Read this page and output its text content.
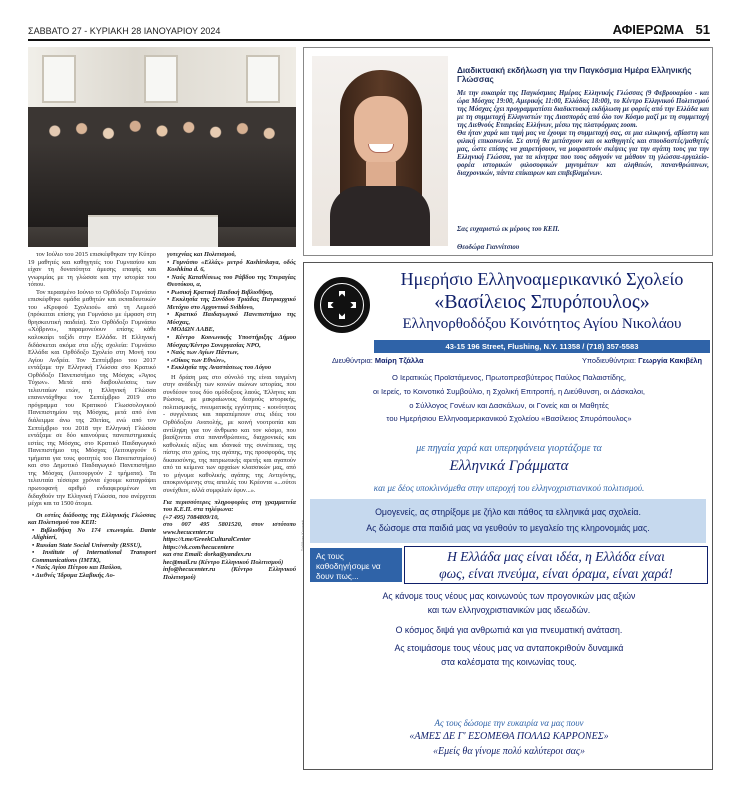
ΣΑΒΒΑΤΟ 27 - ΚΥΡΙΑΚΗ 28 ΙΑΝΟΥΑΡΙΟΥ 2024	ΑΦΙΕΡΩΜΑ 51

τον Ιούλιο του 2015 επισκέφθηκαν την Κύπρο 19 μαθητές και καθηγητές του Γυμνασίου και είχαν τη δυνατότητα άμεσης επαφής και γνωριμίας με τη γλώσσα και την ιστορία του τόπου.

Τον περασμένο Ιούνιο το Ορθόδοξο Γυμνάσιο επισκέφθηκε ομάδα μαθητών και εκπαιδευτικών του «Κρυφού Σχολειού» από τη Λεμεσό (πρόκειται επίσης για Γυμνάσιο με έμφαση στη θρησκευτική παιδεία). Στο Ορθόδοξο Γυμνάσιο «Χόβρινο», παραμονεύουν επίσης κάθε καλοκαίρι ταξίδι στην Ελλάδα. Η Ελληνική διδάσκεται ακόμα στα εξής σχολεία: Γυμνάσιο Ελλάδα και Ορθόδοξο Σχολείο στη Μονή του Αγίου Ανδρέα. Τον Σεπτέμβριο του 2017 εντάξαμε την Ελληνική Γλώσσα στο Κρατικό Ορθόδοξο Πανεπιστήμιο της Μόσχας «Άγιος Τύχων». Μετά από διαβουλεύσεις των τελευταίων ετών, η Ελληνική Γλώσσα επανεντάχθηκε τον Σεπτέμβριο 2019 στο πρόγραμμα του Κρατικού Γλωσσολογικού Πανεπιστημίου της Μόσχας, μετά από ένα διάλειμμα άνω της 20ετίας, ενώ από τον Σεπτέμβριο του 2018 την Ελληνική Γλώσσα εντάξαμε σε δύο καινούριες πανεπιστημιακές εστίες της Μόσχας, στο Κρατικό Παιδαγωγικό Πανεπιστήμιο της Μόσχας (λειτουργούν 6 τμήματα για τους φοιτητές του Πανεπιστημίου) και στο Δημοτικό Παιδαγωγικό Πανεπιστήμιο της Μόσχας (λειτουργούν 2 τμήματα). Τα τελευταία τέσσερα χρόνια έχουμε καταγράψει πρωτοφανή αριθμό ενδιαφερομένων να διδαχθούν την Ελληνική Γλώσσα, που ανέρχεται μέχρι και τα 1500 άτομα.

Οι εστίες διάδοσης της Ελληνικής Γλώσσας και Πολιτισμού του ΚΕΠ:

• Βιβλιοθήκη Νο 174 επωνυμία. Dante Alighieri,

• Russian State Social University (RSSU),

• Institute of International Transport Communications (IMTK),

• Ναός Αγίου Πέτρου και Παύλου,

• Διεθνές Ίδρυμα Σλαβικής Λο-

γοτεχνίας και Πολιτισμού,

• Γυμνάσιο «Ελλάς» μετρό Kashirskaya, οδός Koshkina d. 6,

• Ναός Καταθέσεως του Ράβδου της Υπεραγίας Θεοτόκου, α,

• Ρωσική Κρατική Παιδική Βιβλιοθήκη,

• Εκκλησία της Συνόδου Τριάδας Πατριαρχικό Μετόχιο στο Αρχοντικό Sviblovo,

• Κρατικό Παιδαγωγικό Πανεπιστήμιο της Μόσχας,

• ΜΟΔΩΝ ΛΑΒΕ,

• Κέντρο Κοινωνικής Υποστήριξης Δήμου Μόσχας/Κέντρο Συνεργασίας ΝΡΟ,

• Ναός των Αγίων Πάντων,

• «Οίκος των Εθνών»,

• Εκκλησία της Αναστάσεως του Λόγου

Η δράση μας στο σύνολό της είναι ταγμένη στην ανάδειξη των κοινών αιώνων ιστορίας, που συνδέουν τους δύο ομόδοξους λαούς, Έλληνες και Ρώσους, με μακραίωνους δεσμούς ιστορικής, πολιτισμικής, πνευματικής εγγύτητας - κοινότητας - συγγένειας και παραπέμπουν στις ιδέες του Ορθόδοξου Ανατολής, με κοινή νοοτροπία και αντίληψη για τον άνθρωπο και τον κόσμο, που βασίζονται στα πανανθρώπινες, διαχρονικές και καθολικές αξίες και ιδανικά της συνέπειας, της πίστης στο χρέος, της αγάπης, της προσφοράς, της δικαιοσύνης, της πατριωτικής αρετής και αγαπούν από τα κείμενα των αρχαίων κλασσικών μας, από το μήνυμα καθολικής αγάπης της Αντιγόνης, αποκρινόμενης στις απειλές του Κρέοντα «...ούτοι συνέχθειν, αλλά συμφιλείν έφυν...».

Για περισσότερες πληροφορίες στη γραμματεία του Κ.Ε.Π. στα τηλέφωνα:

(+7 495) 7084809/10,

στο 007 495 5801520, στον ιστότοπο www.hecucenter.ru

https://t.me/GreekCulturalCenter

https://vk.com/hecucentere

και στα Email: dorka@yandex.ru

hec@mail.ru (Κέντρο Ελληνικού Πολιτισμού)

info@hecucenter.ru (Κέντρο Ελληνικού Πολιτισμού)

Διαδικτυακή εκδήλωση για την Παγκόσμια Ημέρα Ελληνικής Γλώσσας

Με την ευκαιρία της Παγκόσμιας Ημέρας Ελληνικής Γλώσσας (9 Φεβρουαρίου - και ώρα Μόσχας 19:00, Αμερικής 11:00, Ελλάδας 18:00), το Κέντρο Ελληνικού Πολιτισμού της Μόσχας έχει προγραμματίσει διαδικτυακή εκδήλωση με φορείς από την Ελλάδα και με τη συμμετοχή Ελληνιστών της Διασποράς από όλο τον Κόσμο μαζί με τη συμμετοχή της Διεθνούς Εταιρείας Ελλήνων, μέσω της πλατφόρμας zoom.

Θα ήταν χαρά και τιμή μας να έχουμε τη συμμετοχή σας, σε μια ειλικρινή, αβίαστη και φιλική επικοινωνία. Σε αυτή θα μετάσχουν και οι καθηγητές και σπουδαστές/μαθητές μας, ώστε επίσης να χαιρετήσουν, να μοιραστούν σκέψεις για την αγάπη τους για την Ελληνική Γλώσσα, για τα κίνητρα που τους οδηγούν να μάθουν τη γλώσσα-εργαλείο-φορέα ιστορικών φιλοσοφικών μηνυμάτων και αληθειών, πανανθρώπινων, διαχρονικών, πάντα επίκαιρων και επιβεβλημένων.

Σας ευχαριστώ εκ μέρους του ΚΕΠ.
Θεοδώρα Γιαννίτσιου
Ημερήσιο Ελληνοαμερικανικό Σχολείο
«Βασίλειος Σπυρόπουλος»
Ελληνορθοδόξου Κοινότητος Αγίου Νικολάου
43-15 196 Street, Flushing, N.Y. 11358 / (718) 357-5583
Διευθύντρια: Μαίρη Τζάλλα	Υποδιευθύντρια: Γεωργία Κακιβέλη
Ο Ιερατικώς Προϊστάμενος, Πρωτοπρεσβύτερος Παύλος Παλαιστίδης,
οι Ιερείς, το Κοινοτικό Συμβούλιο, η Σχολική Επιτροπή, η Διεύθυνση, οι Δάσκαλοι,
ο Σύλλογος Γονέων και Δασκάλων, οι Γονείς και οι Μαθητές
του Ημερήσιου Ελληνοαμερικανικού Σχολείου «Βασίλειος Σπυρόπουλος»
με πηγαία χαρά και υπερηφάνεια γιορτάζομε τα
Ελληνικά Γράμματα
και με δέος υποκλινόμεθα στην υπεροχή του ελληνοχριστιανικού πολιτισμού.
Ομογενείς, ας στηρίξομε με ζήλο και πάθος τα ελληνικά μας σχολεία.
Ας δώσομε στα παιδιά μας να γευθούν το μεγαλείο της κληρονομιάς μας.
Ας τους καθοδηγήσομε να δουν πως...
Η Ελλάδα μας είναι ιδέα, η Ελλάδα είναι
φως, είναι πνεύμα, είναι όραμα, είναι χαρά!
Ας κάνομε τους νέους μας κοινωνούς των προγονικών μας αξιών
και των ελληνοχριστιανικών μας ιδεωδών.
Ο κόσμος διψά για ανθρωπιά και για πνευματική ανάταση.
Ας ετοιμάσομε τους νέους μας να ανταποκριθούν δυναμικά
στα καλέσματα της κοινωνίας τους.
Ας τους δώσομε την ευκαιρία να μας πουν
«ΑΜΕΣ ΔΕ Γ' ΕΣΟΜΕΘΑ ΠΟΛΛΩ ΚΑΡΡΟΝΕΣ»
«Εμείς θα γίνομε πολύ καλύτεροι σας»
